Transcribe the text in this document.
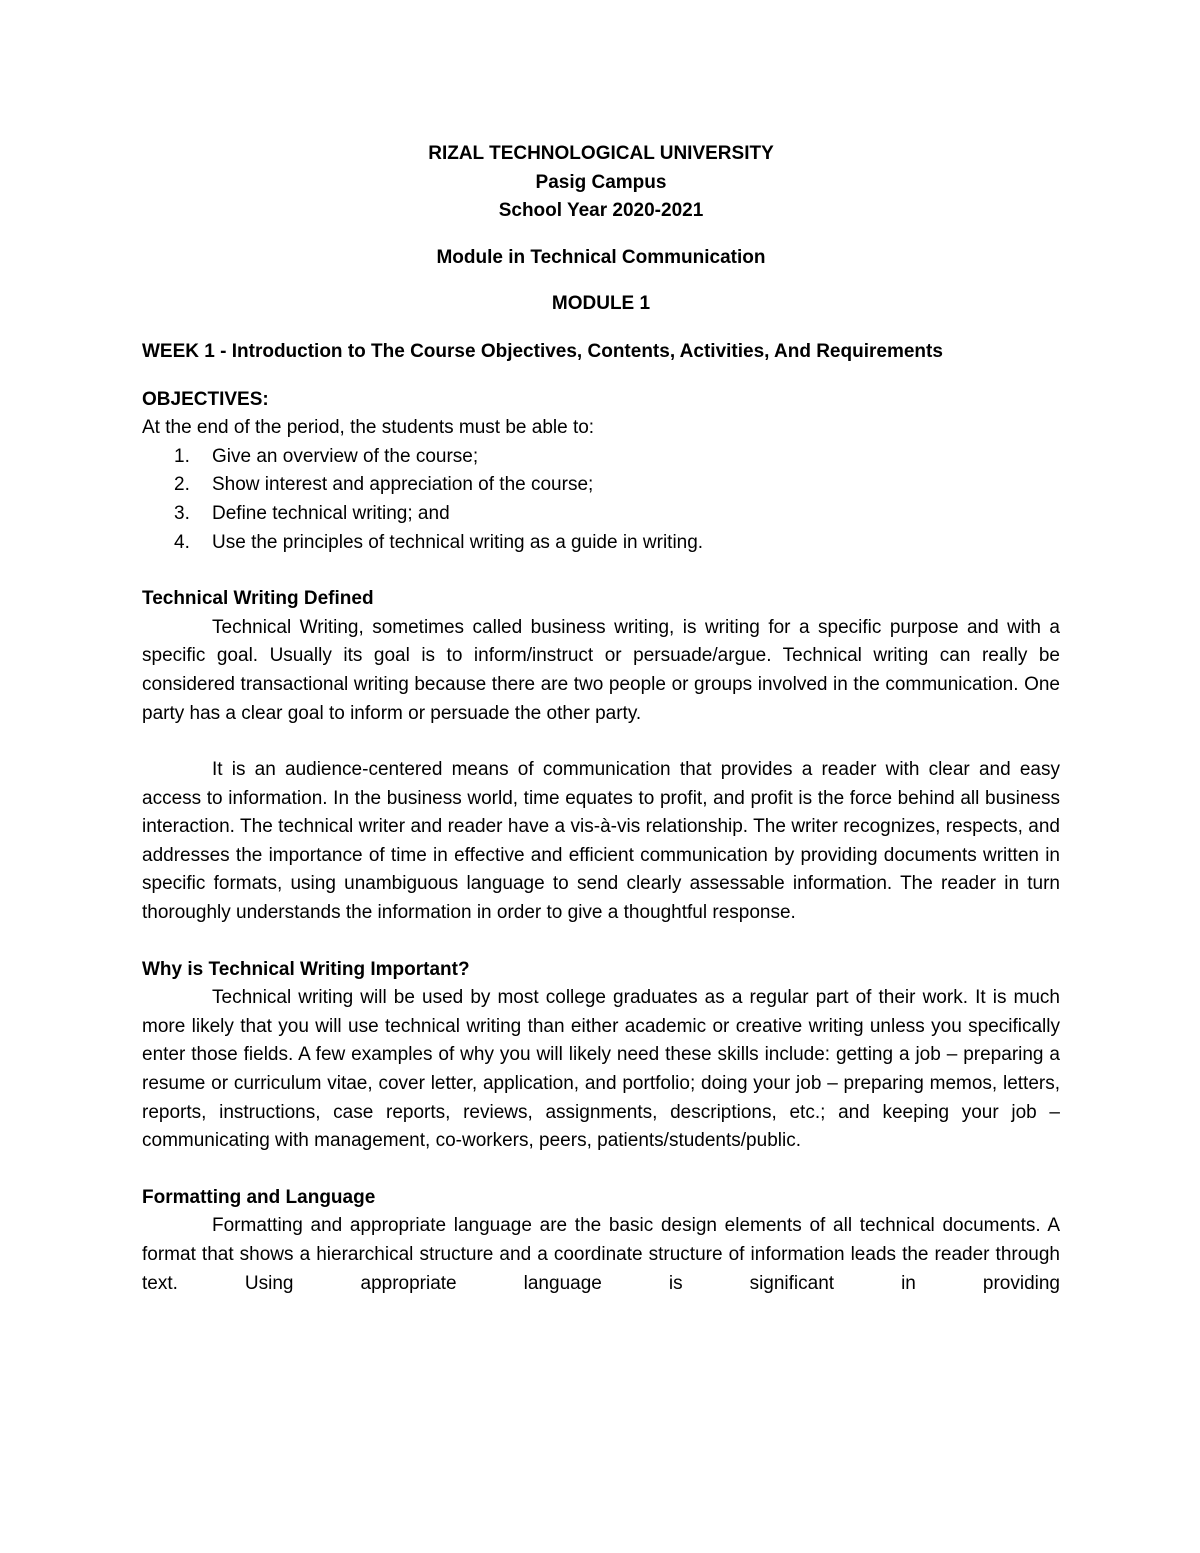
RIZAL TECHNOLOGICAL UNIVERSITY

Pasig Campus

School Year 2020-2021

Module in Technical Communication

MODULE 1

WEEK 1 - Introduction to The Course Objectives, Contents, Activities, And Requirements

OBJECTIVES:

At the end of the period, the students must be able to:

1. Give an overview of the course;
2. Show interest and appreciation of the course;
3. Define technical writing; and
4. Use the principles of technical writing as a guide in writing.

Technical Writing Defined

Technical Writing, sometimes called business writing, is writing for a specific purpose and with a specific goal. Usually its goal is to inform/instruct or persuade/argue. Technical writing can really be considered transactional writing because there are two people or groups involved in the communication. One party has a clear goal to inform or persuade the other party.

It is an audience-centered means of communication that provides a reader with clear and easy access to information. In the business world, time equates to profit, and profit is the force behind all business interaction. The technical writer and reader have a vis-à-vis relationship. The writer recognizes, respects, and addresses the importance of time in effective and efficient communication by providing documents written in specific formats, using unambiguous language to send clearly assessable information. The reader in turn thoroughly understands the information in order to give a thoughtful response.

Why is Technical Writing Important?

Technical writing will be used by most college graduates as a regular part of their work. It is much more likely that you will use technical writing than either academic or creative writing unless you specifically enter those fields. A few examples of why you will likely need these skills include: getting a job – preparing a resume or curriculum vitae, cover letter, application, and portfolio; doing your job – preparing memos, letters, reports, instructions, case reports, reviews, assignments, descriptions, etc.; and keeping your job – communicating with management, co-workers, peers, patients/students/public.

Formatting and Language

Formatting and appropriate language are the basic design elements of all technical documents. A format that shows a hierarchical structure and a coordinate structure of information leads the reader through text. Using appropriate language is significant in providing
